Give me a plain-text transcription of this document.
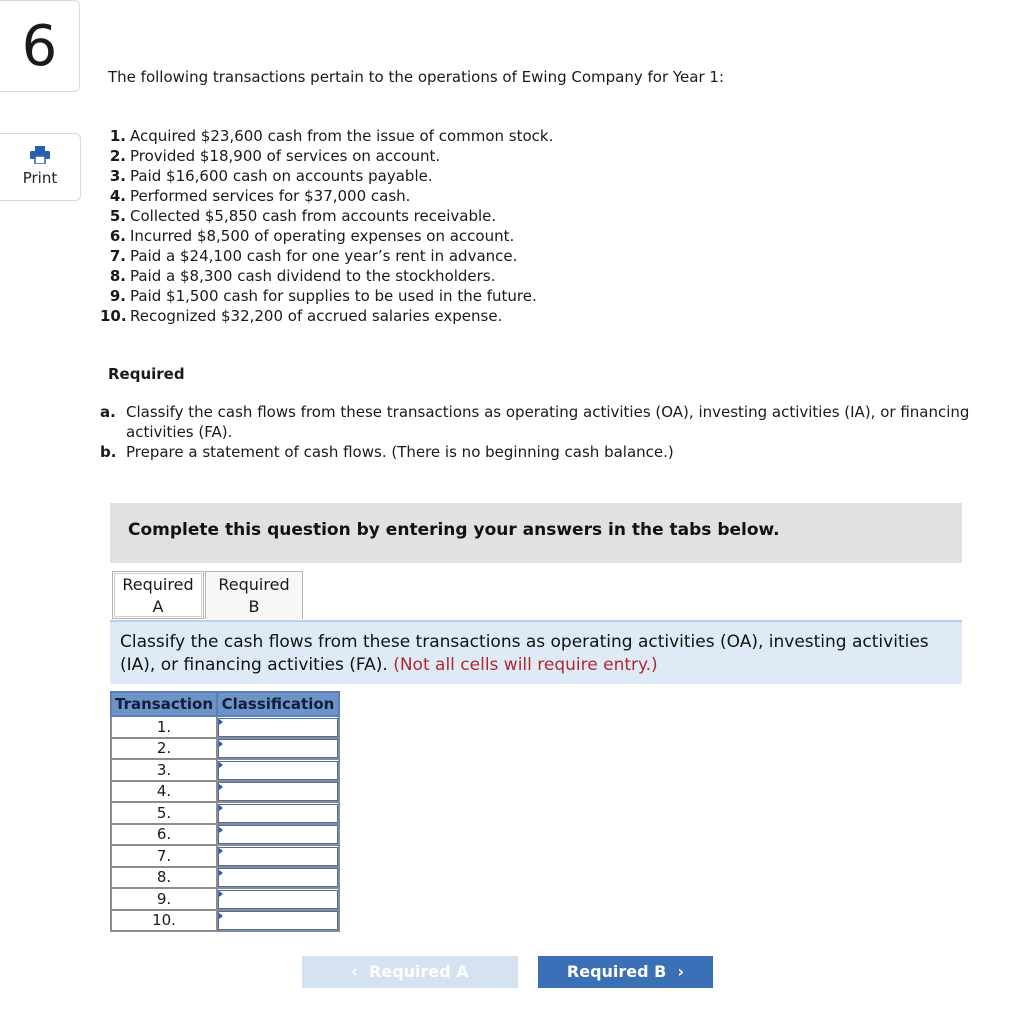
6
Print
The following transactions pertain to the operations of Ewing Company for Year 1:
1. Acquired $23,600 cash from the issue of common stock.
2. Provided $18,900 of services on account.
3. Paid $16,600 cash on accounts payable.
4. Performed services for $37,000 cash.
5. Collected $5,850 cash from accounts receivable.
6. Incurred $8,500 of operating expenses on account.
7. Paid a $24,100 cash for one year’s rent in advance.
8. Paid a $8,300 cash dividend to the stockholders.
9. Paid $1,500 cash for supplies to be used in the future.
10. Recognized $32,200 of accrued salaries expense.
Required
a. Classify the cash flows from these transactions as operating activities (OA), investing activities (IA), or financing activities (FA).
b. Prepare a statement of cash flows. (There is no beginning cash balance.)
Complete this question by entering your answers in the tabs below.
Required
A
Required
B
Classify the cash flows from these transactions as operating activities (OA), investing activities (IA), or financing activities (FA). (Not all cells will require entry.)
Transaction	Classification
1.	

2.	

3.	

4.	

5.	

6.	

7.	

8.	

9.	

10.	
‹ Required A	Required B ›
